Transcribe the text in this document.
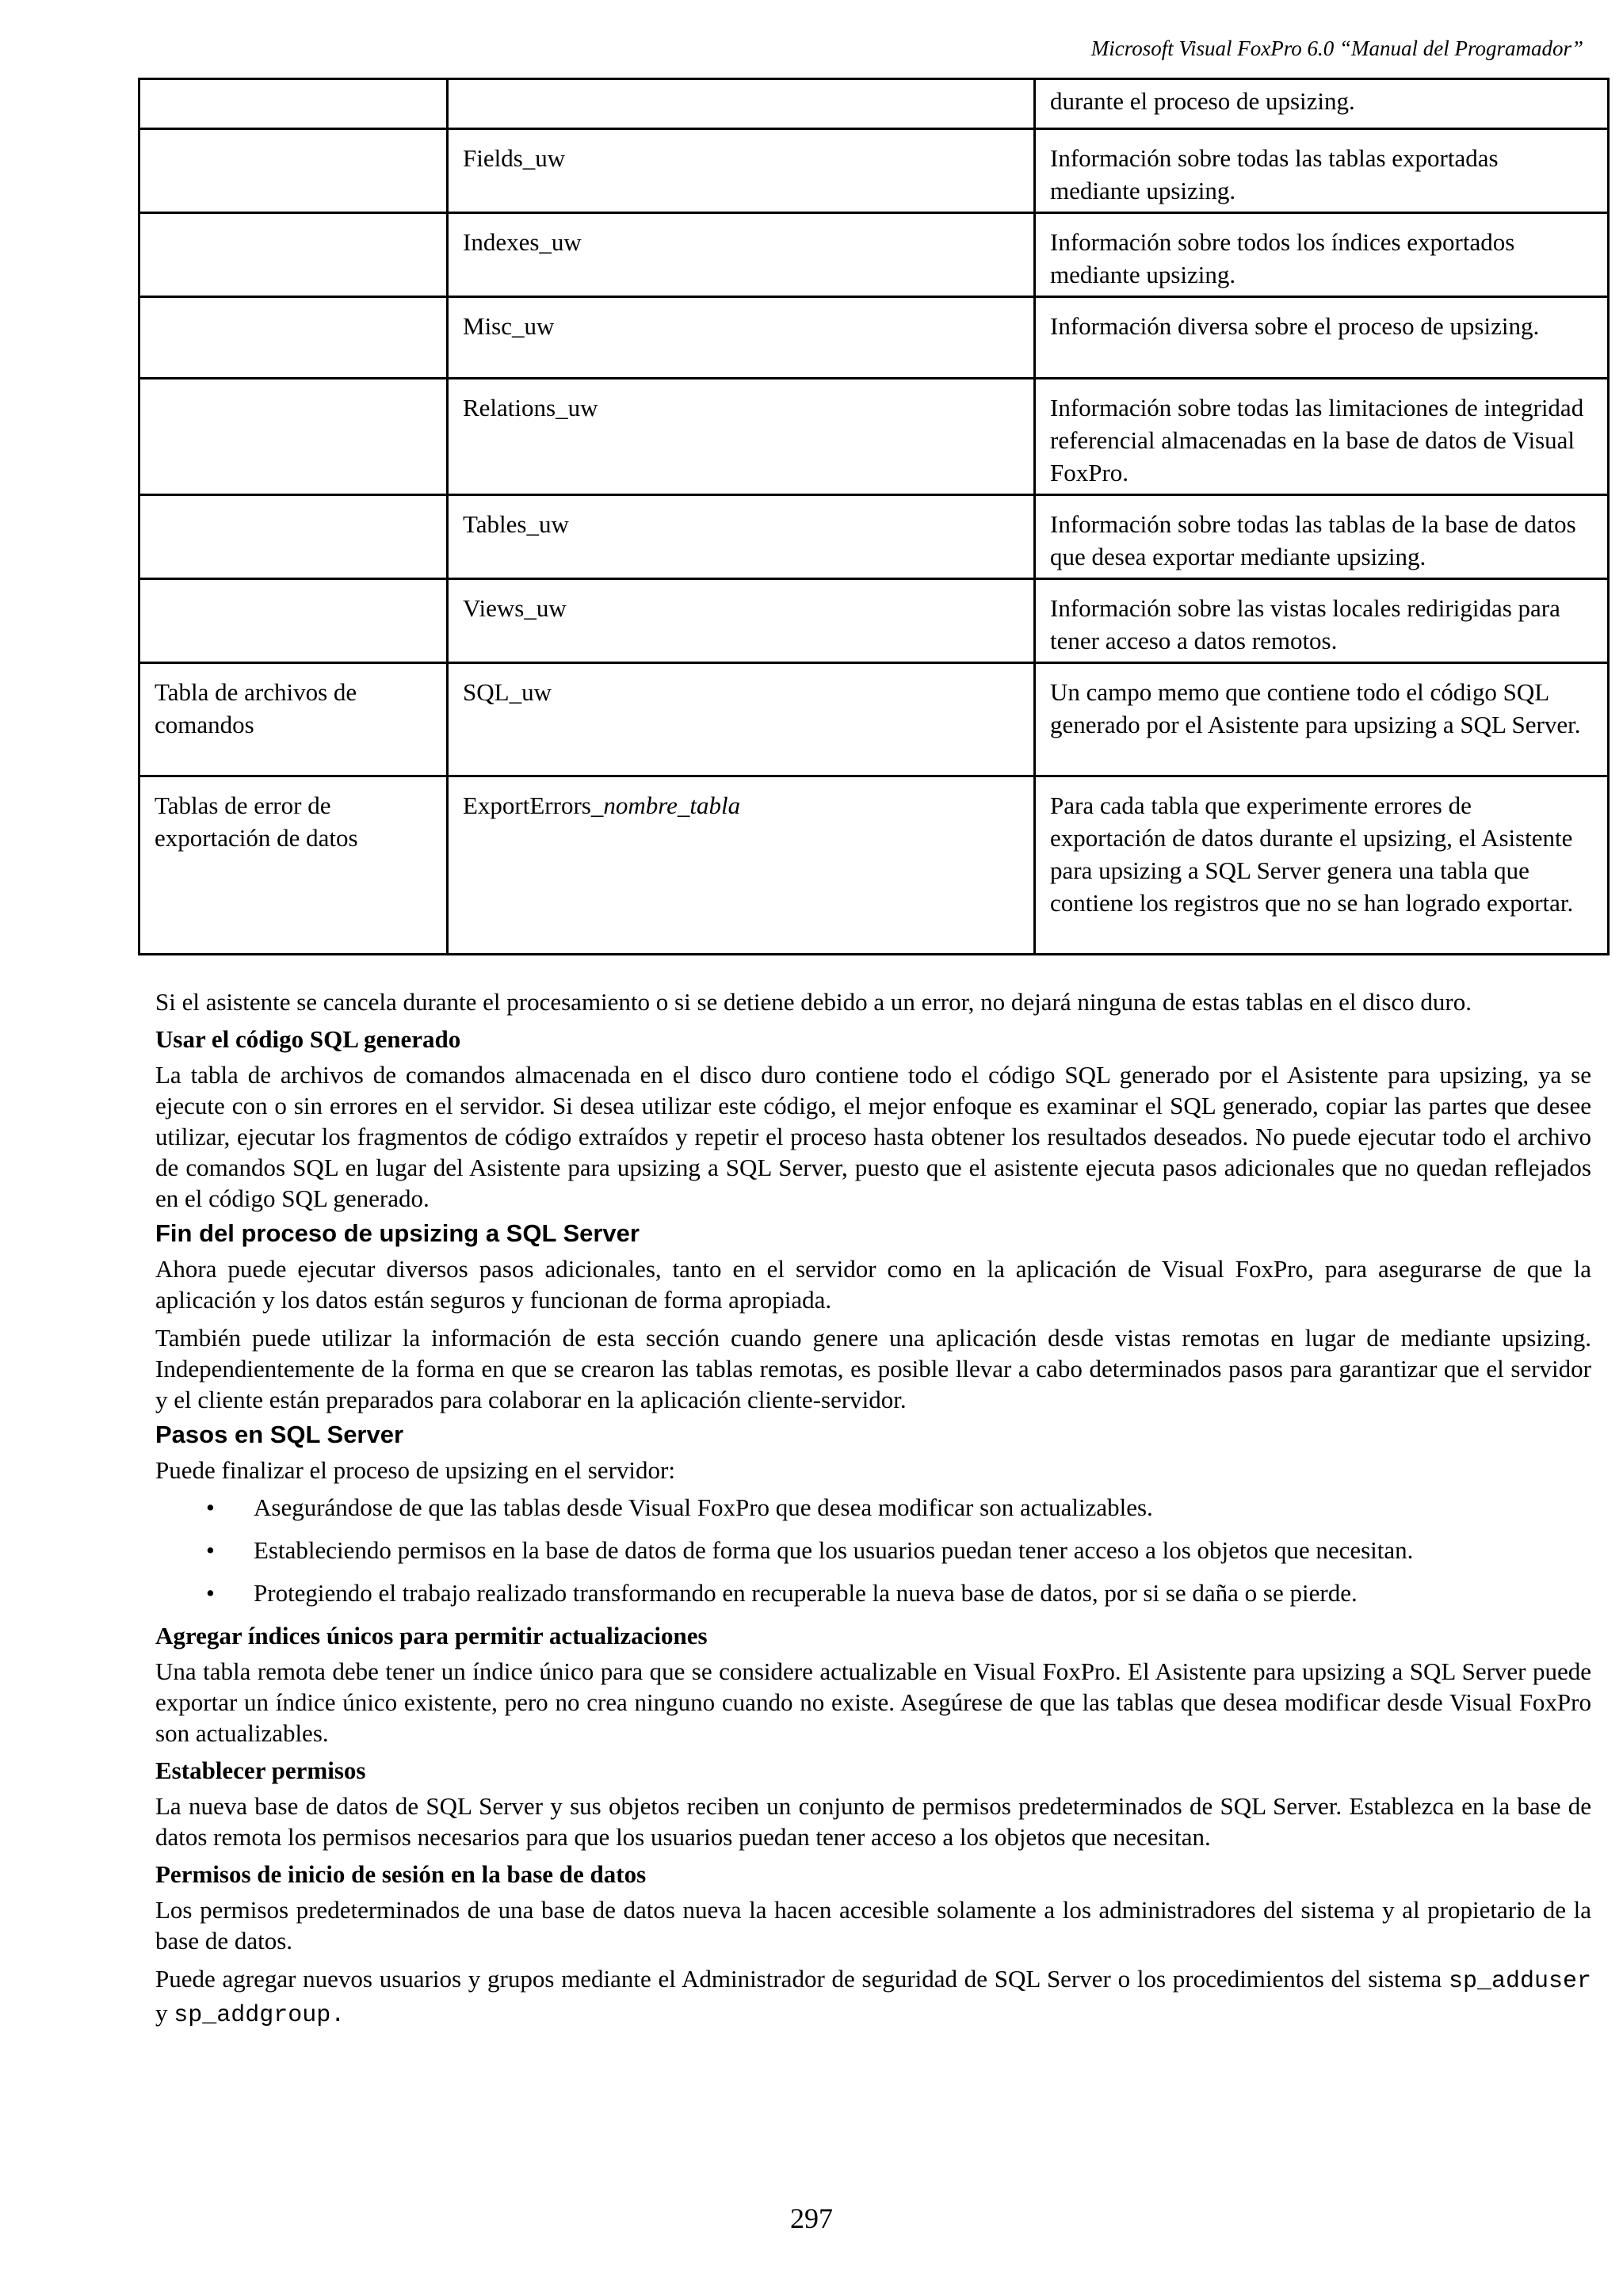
Microsoft Visual FoxPro 6.0 “Manual del Programador”
		durante el proceso de upsizing.
	Fields_uw	Información sobre todas las tablas exportadas mediante upsizing.
	Indexes_uw	Información sobre todos los índices exportados mediante upsizing.
	Misc_uw	Información diversa sobre el proceso de upsizing.
	Relations_uw	Información sobre todas las limitaciones de integridad referencial almacenadas en la base de datos de Visual FoxPro.
	Tables_uw	Información sobre todas las tablas de la base de datos que desea exportar mediante upsizing.
	Views_uw	Información sobre las vistas locales redirigidas para tener acceso a datos remotos.
Tabla de archivos de comandos	SQL_uw	Un campo memo que contiene todo el código SQL generado por el Asistente para upsizing a SQL Server.
Tablas de error de exportación de datos	ExportErrors_nombre_tabla	Para cada tabla que experimente errores de exportación de datos durante el upsizing, el Asistente para upsizing a SQL Server genera una tabla que contiene los registros que no se han logrado exportar.

Si el asistente se cancela durante el procesamiento o si se detiene debido a un error, no dejará ninguna de estas tablas en el disco duro.

Usar el código SQL generado

La tabla de archivos de comandos almacenada en el disco duro contiene todo el código SQL generado por el Asistente para upsizing, ya se ejecute con o sin errores en el servidor. Si desea utilizar este código, el mejor enfoque es examinar el SQL generado, copiar las partes que desee utilizar, ejecutar los fragmentos de código extraídos y repetir el proceso hasta obtener los resultados deseados. No puede ejecutar todo el archivo de comandos SQL en lugar del Asistente para upsizing a SQL Server, puesto que el asistente ejecuta pasos adicionales que no quedan reflejados en el código SQL generado.

Fin del proceso de upsizing a SQL Server

Ahora puede ejecutar diversos pasos adicionales, tanto en el servidor como en la aplicación de Visual FoxPro, para asegurarse de que la aplicación y los datos están seguros y funcionan de forma apropiada.

También puede utilizar la información de esta sección cuando genere una aplicación desde vistas remotas en lugar de mediante upsizing. Independientemente de la forma en que se crearon las tablas remotas, es posible llevar a cabo determinados pasos para garantizar que el servidor y el cliente están preparados para colaborar en la aplicación cliente-servidor.

Pasos en SQL Server

Puede finalizar el proceso de upsizing en el servidor:

• Asegurándose de que las tablas desde Visual FoxPro que desea modificar son actualizables.
• Estableciendo permisos en la base de datos de forma que los usuarios puedan tener acceso a los objetos que necesitan.
• Protegiendo el trabajo realizado transformando en recuperable la nueva base de datos, por si se daña o se pierde.
Agregar índices únicos para permitir actualizaciones

Una tabla remota debe tener un índice único para que se considere actualizable en Visual FoxPro. El Asistente para upsizing a SQL Server puede exportar un índice único existente, pero no crea ninguno cuando no existe. Asegúrese de que las tablas que desea modificar desde Visual FoxPro son actualizables.

Establecer permisos

La nueva base de datos de SQL Server y sus objetos reciben un conjunto de permisos predeterminados de SQL Server. Establezca en la base de datos remota los permisos necesarios para que los usuarios puedan tener acceso a los objetos que necesitan.

Permisos de inicio de sesión en la base de datos

Los permisos predeterminados de una base de datos nueva la hacen accesible solamente a los administradores del sistema y al propietario de la base de datos.

Puede agregar nuevos usuarios y grupos mediante el Administrador de seguridad de SQL Server o los procedimientos del sistema sp_adduser y sp_addgroup.

297
